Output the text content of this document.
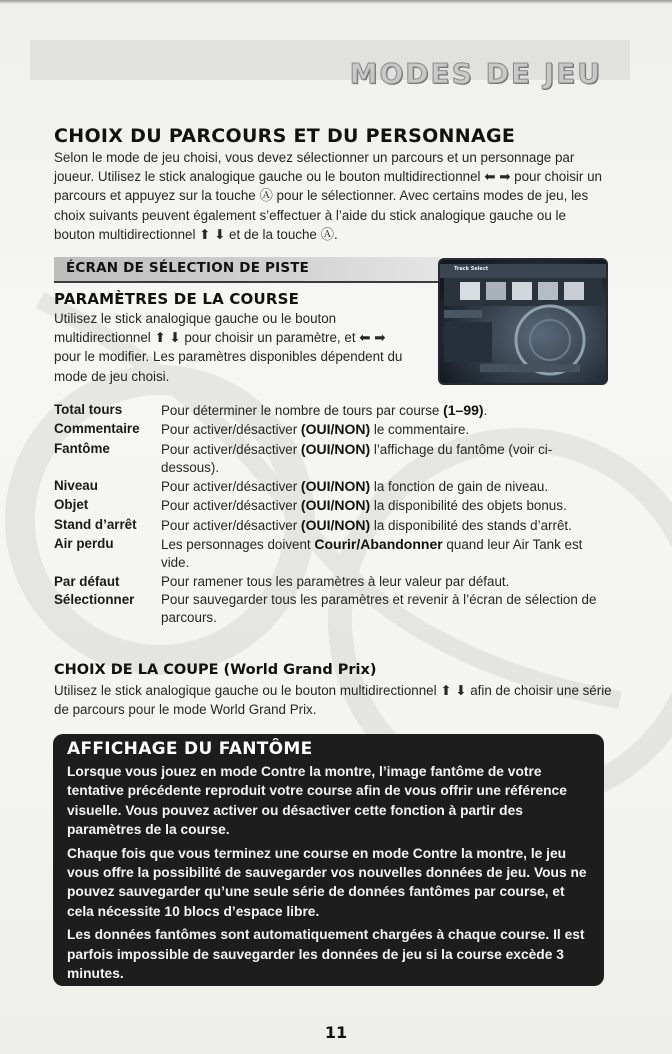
MODES DE JEU
CHOIX DU PARCOURS ET DU PERSONNAGE
Selon le mode de jeu choisi, vous devez sélectionner un parcours et un personnage par joueur. Utilisez le stick analogique gauche ou le bouton multidirectionnel ⬅ ➡ pour choisir un parcours et appuyez sur la touche Ⓐ pour le sélectionner. Avec certains modes de jeu, les choix suivants peuvent également s’effectuer à l’aide du stick analogique gauche ou le bouton multidirectionnel ⬆ ⬇ et de la touche Ⓐ.
ÉCRAN DE SÉLECTION DE PISTE
PARAMÈTRES DE LA COURSE
Utilisez le stick analogique gauche ou le bouton multidirectionnel ⬆ ⬇ pour choisir un paramètre, et ⬅ ➡ pour le modifier. Les paramètres disponibles dépendent du mode de jeu choisi.
Track Select
Total tours	Pour déterminer le nombre de tours par course (1–99).
Commentaire	Pour activer/désactiver (OUI/NON) le commentaire.
Fantôme	Pour activer/désactiver (OUI/NON) l’affichage du fantôme (voir ci-dessous).
Niveau	Pour activer/désactiver (OUI/NON) la fonction de gain de niveau.
Objet	Pour activer/désactiver (OUI/NON) la disponibilité des objets bonus.
Stand d’arrêt	Pour activer/désactiver (OUI/NON) la disponibilité des stands d’arrêt.
Air perdu	Les personnages doivent Courir/Abandonner quand leur Air Tank est vide.
Par défaut	Pour ramener tous les paramètres à leur valeur par défaut.
Sélectionner	Pour sauvegarder tous les paramètres et revenir à l’écran de sélection de parcours.
CHOIX DE LA COUPE (World Grand Prix)
Utilisez le stick analogique gauche ou le bouton multidirectionnel ⬆ ⬇ afin de choisir une série de parcours pour le mode World Grand Prix.
AFFICHAGE DU FANTÔME

Lorsque vous jouez en mode Contre la montre, l’image fantôme de votre tentative précédente reproduit votre course afin de vous offrir une référence visuelle. Vous pouvez activer ou désactiver cette fonction à partir des paramètres de la course.

Chaque fois que vous terminez une course en mode Contre la montre, le jeu vous offre la possibilité de sauvegarder vos nouvelles données de jeu. Vous ne pouvez sauvegarder qu’une seule série de données fantômes par course, et cela nécessite 10 blocs d’espace libre.

Les données fantômes sont automatiquement chargées à chaque course. Il est parfois impossible de sauvegarder les données de jeu si la course excède 3 minutes.

11
